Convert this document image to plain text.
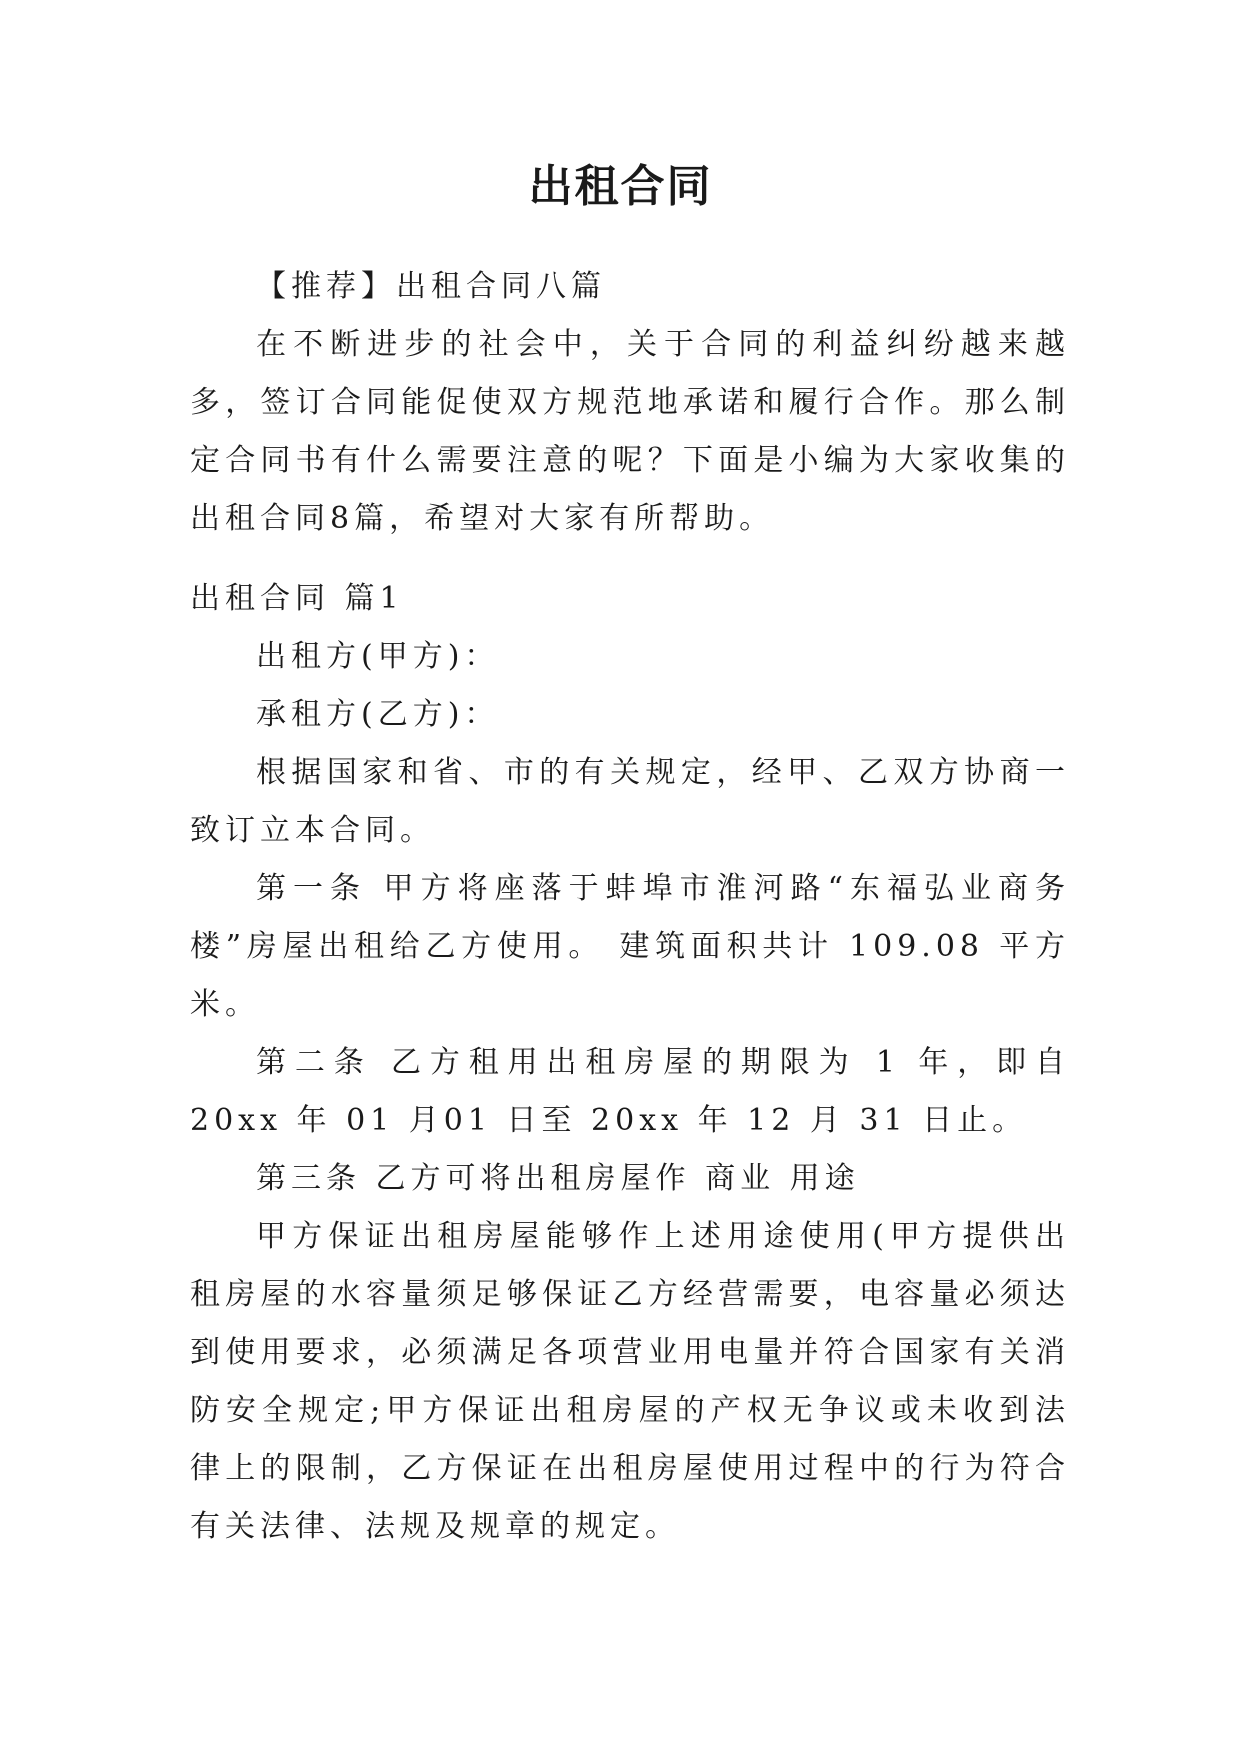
出租合同

【推荐】出租合同八篇

在不断进步的社会中，关于合同的利益纠纷越来越多，签订合同能促使双方规范地承诺和履行合作。那么制定合同书有什么需要注意的呢？下面是小编为大家收集的出租合同8篇，希望对大家有所帮助。

出租合同 篇1

出租方(甲方)：

承租方(乙方)：

根据国家和省、市的有关规定，经甲、乙双方协商一致订立本合同。

第一条 甲方将座落于蚌埠市淮河路“东福弘业商务楼”房屋出租给乙方使用。 建筑面积共计 109.08 平方米。

第二条 乙方租用出租房屋的期限为 1 年，即自 20xx 年 01 月01 日至 20xx 年 12 月 31 日止。

第三条 乙方可将出租房屋作 商业 用途

甲方保证出租房屋能够作上述用途使用(甲方提供出租房屋的水容量须足够保证乙方经营需要，电容量必须达到使用要求，必须满足各项营业用电量并符合国家有关消防安全规定;甲方保证出租房屋的产权无争议或未收到法律上的限制，乙方保证在出租房屋使用过程中的行为符合有关法律、法规及规章的规定。
